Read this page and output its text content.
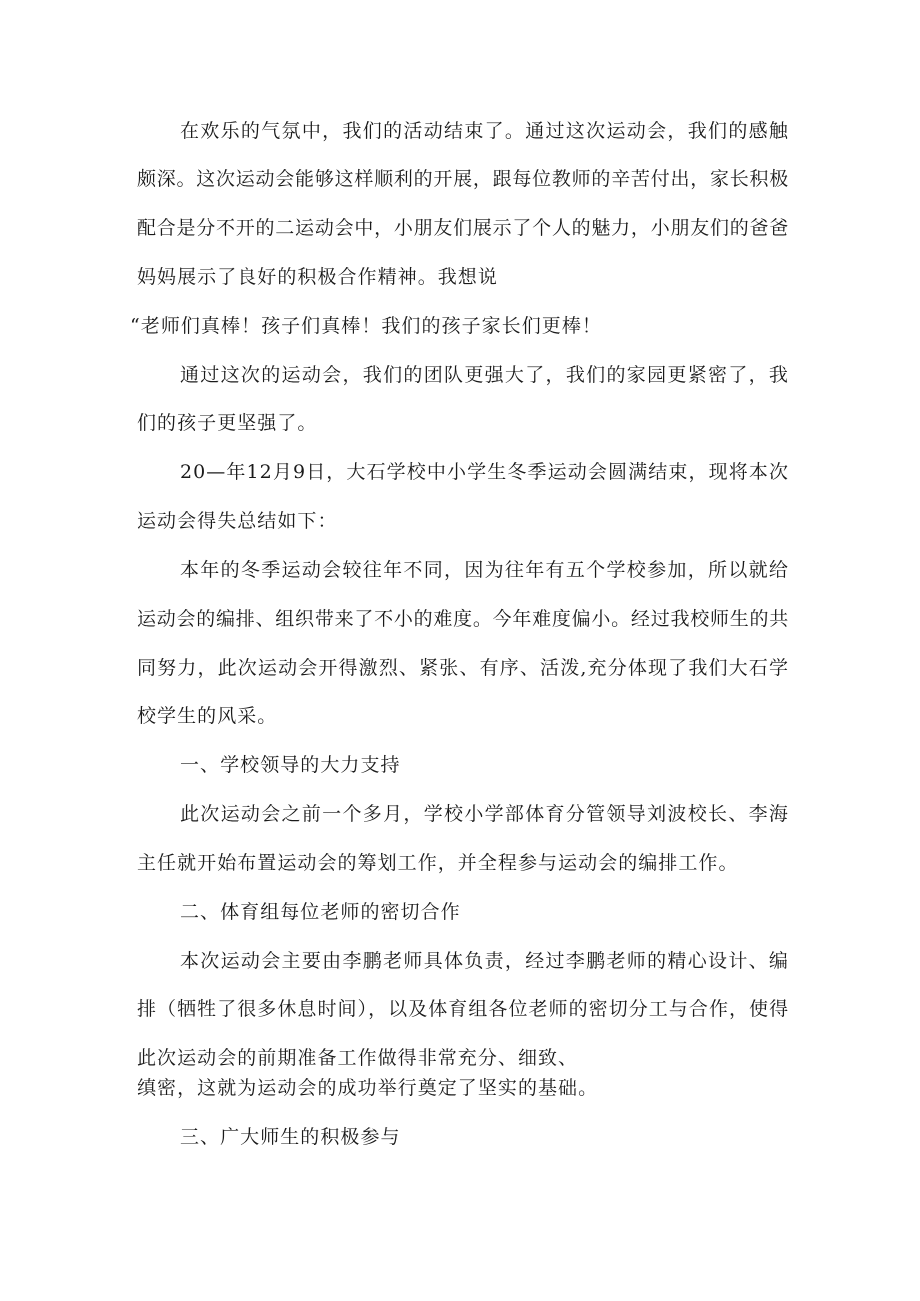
在欢乐的气氛中，我们的活动结束了。通过这次运动会，我们的感触
颇深。这次运动会能够这样顺利的开展，跟每位教师的辛苦付出，家长积极
配合是分不开的二运动会中，小朋友们展示了个人的魅力，小朋友们的爸爸
妈妈展示了良好的积极合作精神。我想说
“老师们真棒！孩子们真棒！我们的孩子家长们更棒！
通过这次的运动会，我们的团队更强大了，我们的家园更紧密了，我
们的孩子更坚强了。
20—年12月9日，大石学校中小学生冬季运动会圆满结束，现将本次
运动会得失总结如下：
本年的冬季运动会较往年不同，因为往年有五个学校参加，所以就给
运动会的编排、组织带来了不小的难度。今年难度偏小。经过我校师生的共
同努力，此次运动会开得激烈、紧张、有序、活泼,充分体现了我们大石学
校学生的风采。
一、学校领导的大力支持
此次运动会之前一个多月，学校小学部体育分管领导刘波校长、李海
主任就开始布置运动会的筹划工作，并全程参与运动会的编排工作。
二、体育组每位老师的密切合作
本次运动会主要由李鹏老师具体负责，经过李鹏老师的精心设计、编
排（牺牲了很多休息时间），以及体育组各位老师的密切分工与合作，使得
此次运动会的前期准备工作做得非常充分、细致、
缜密，这就为运动会的成功举行奠定了坚实的基础。
三、广大师生的积极参与
